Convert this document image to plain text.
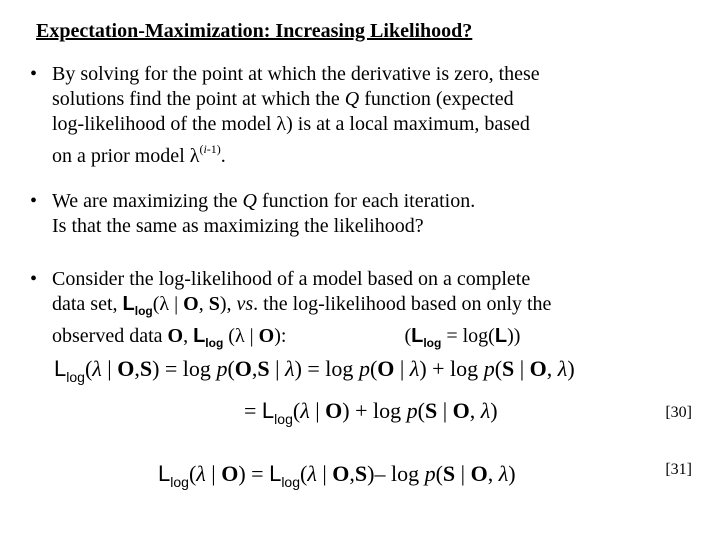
Expectation-Maximization: Increasing Likelihood?
• By solving for the point at which the derivative is zero, these
solutions find the point at which the Q function (expected
log-likelihood of the model λ) is at a local maximum, based
on a prior model $\lambda^{(i-1)}$.
• We are maximizing the Q function for each iteration.
Is that the same as maximizing the likelihood?
• Consider the log-likelihood of a model based on a complete
data set, $L_{log}(\lambda$ | O, S), vs. the log-likelihood based on only the
observed data O, $L_{log}$ (λ | O):	$(L_{log} = \log(L))$
$L_{log}(\lambda$ | O,S) = log p(O,S | λ) = log p(O | λ) + log p(S | O, λ)
= $L_{log}(\lambda$ | O) + log p(S | O, λ)	[30]
$L_{log}(\lambda$ | $O) = L_{log}(\lambda$ | O,S)– log p(S | O, λ)	[31]
